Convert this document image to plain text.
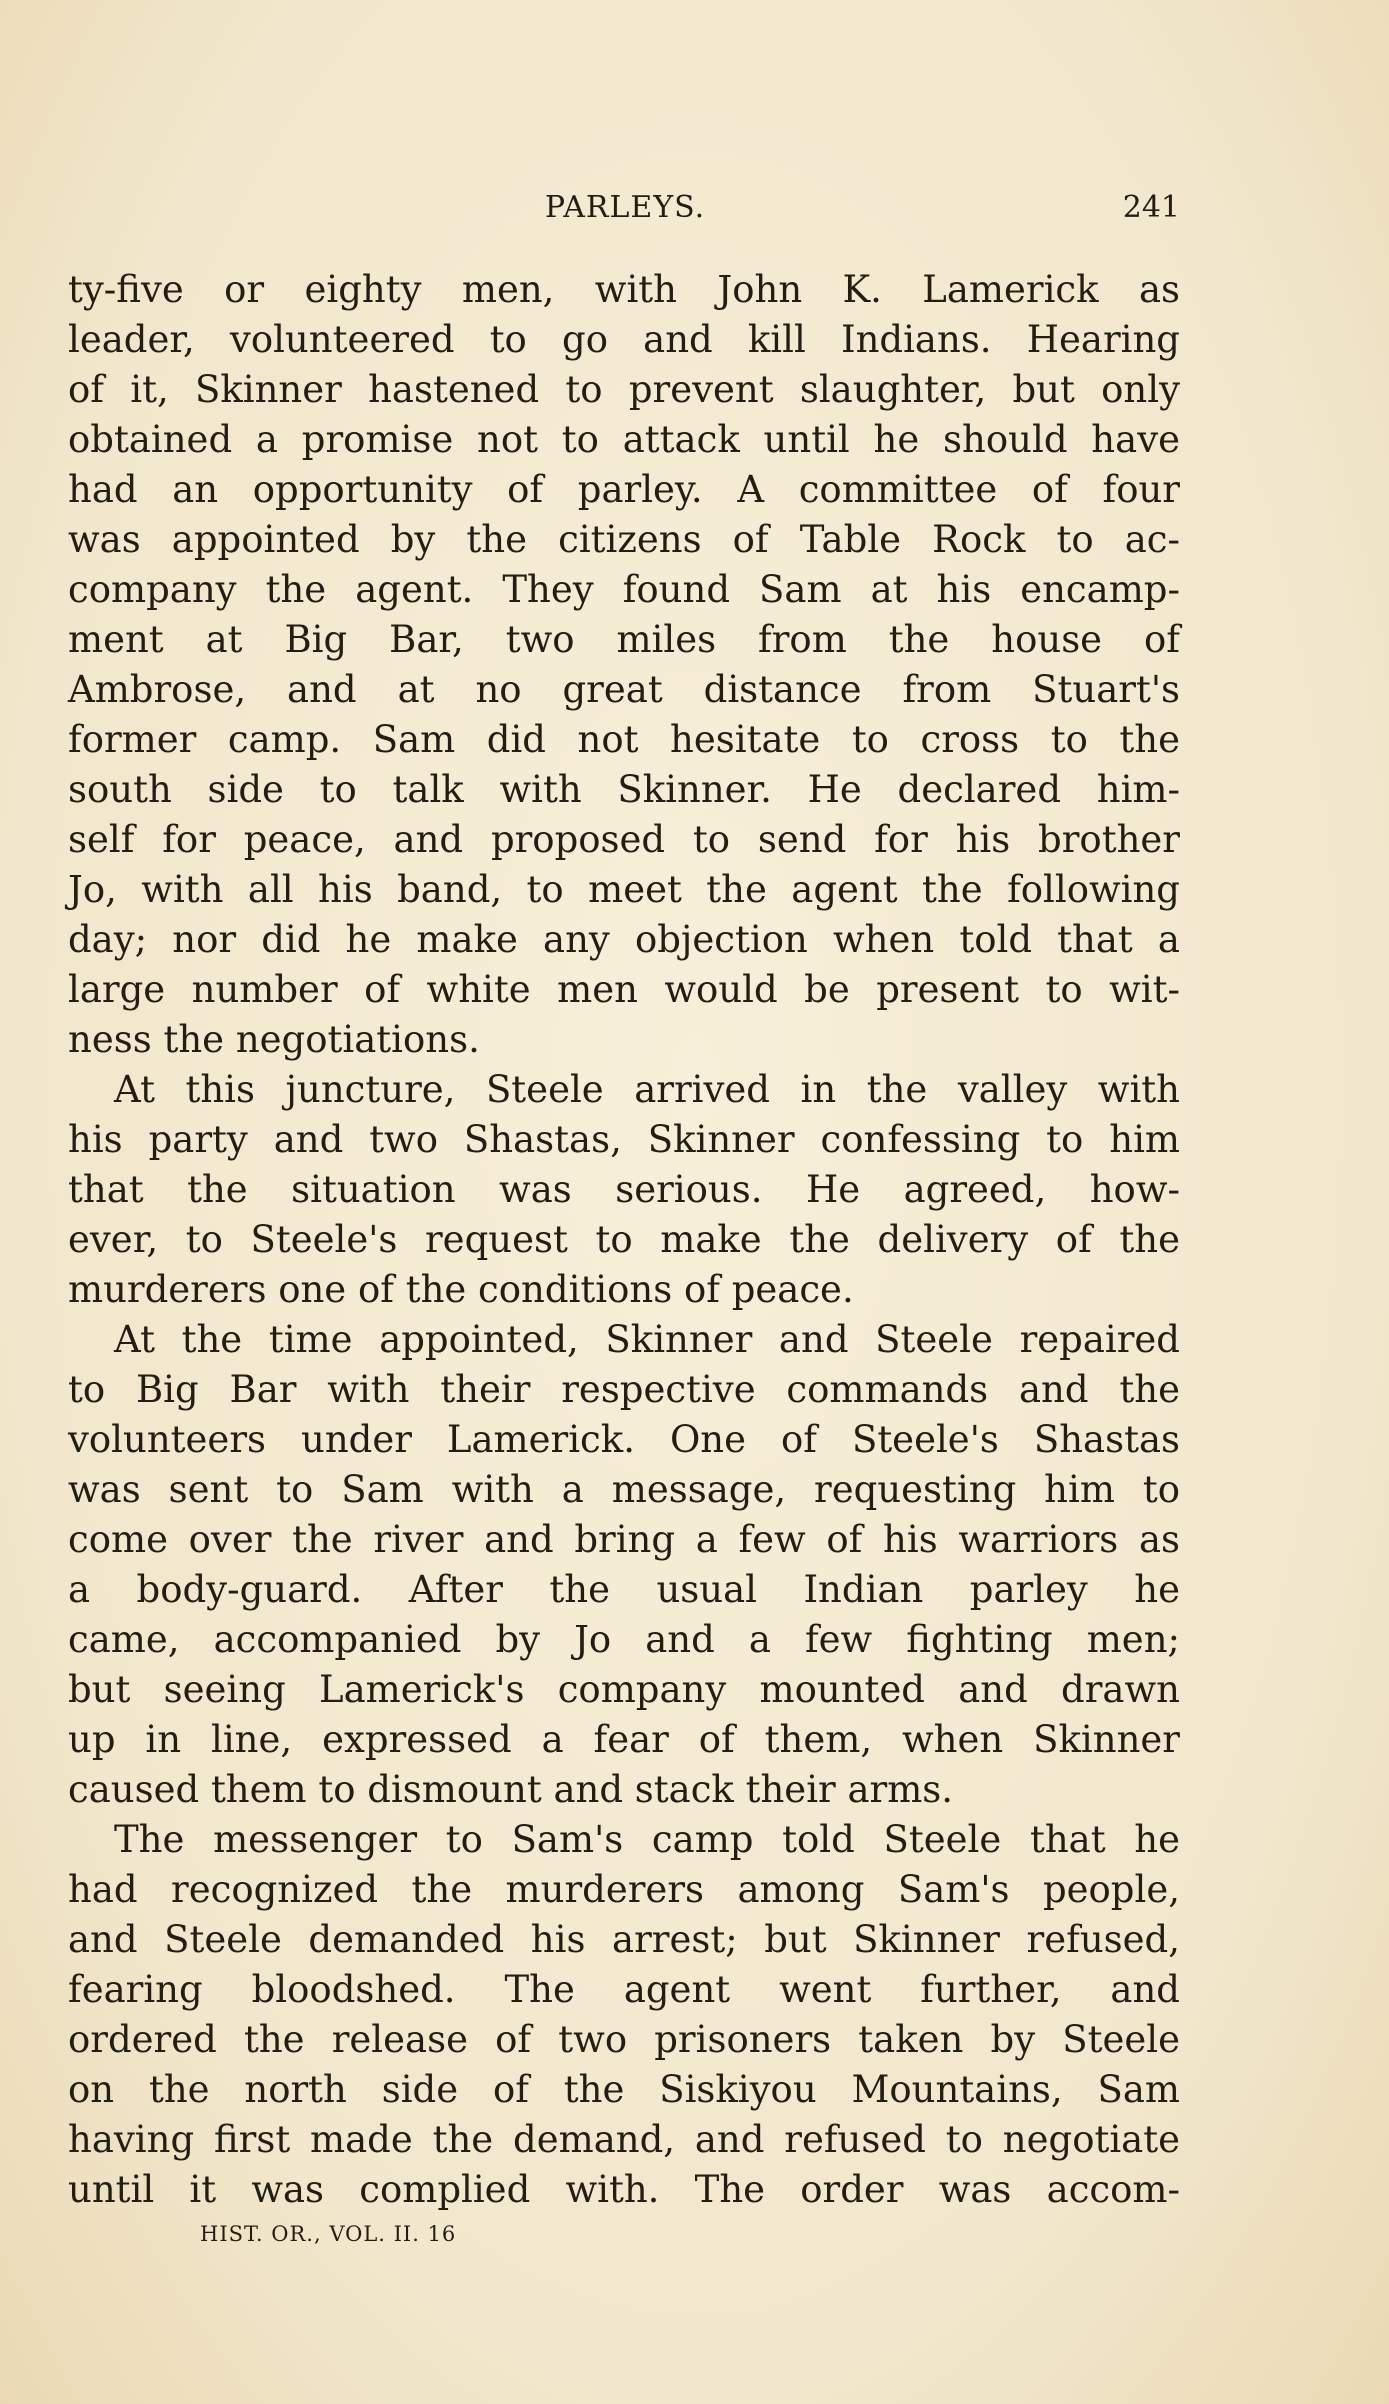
PARLEYS.	241
ty-five or eighty men, with John K. Lamerick as
leader, volunteered to go and kill Indians. Hearing
of it, Skinner hastened to prevent slaughter, but only
obtained a promise not to attack until he should have
had an opportunity of parley. A committee of four
was appointed by the citizens of Table Rock to ac-
company the agent. They found Sam at his encamp-
ment at Big Bar, two miles from the house of
Ambrose, and at no great distance from Stuart's
former camp. Sam did not hesitate to cross to the
south side to talk with Skinner. He declared him-
self for peace, and proposed to send for his brother
Jo, with all his band, to meet the agent the following
day; nor did he make any objection when told that a
large number of white men would be present to wit-
ness the negotiations.
At this juncture, Steele arrived in the valley with
his party and two Shastas, Skinner confessing to him
that the situation was serious. He agreed, how-
ever, to Steele's request to make the delivery of the
murderers one of the conditions of peace.
At the time appointed, Skinner and Steele repaired
to Big Bar with their respective commands and the
volunteers under Lamerick. One of Steele's Shastas
was sent to Sam with a message, requesting him to
come over the river and bring a few of his warriors as
a body-guard. After the usual Indian parley he
came, accompanied by Jo and a few fighting men;
but seeing Lamerick's company mounted and drawn
up in line, expressed a fear of them, when Skinner
caused them to dismount and stack their arms.
The messenger to Sam's camp told Steele that he
had recognized the murderers among Sam's people,
and Steele demanded his arrest; but Skinner refused,
fearing bloodshed. The agent went further, and
ordered the release of two prisoners taken by Steele
on the north side of the Siskiyou Mountains, Sam
having first made the demand, and refused to negotiate
until it was complied with. The order was accom-
HIST. OR., VOL. II. 16
